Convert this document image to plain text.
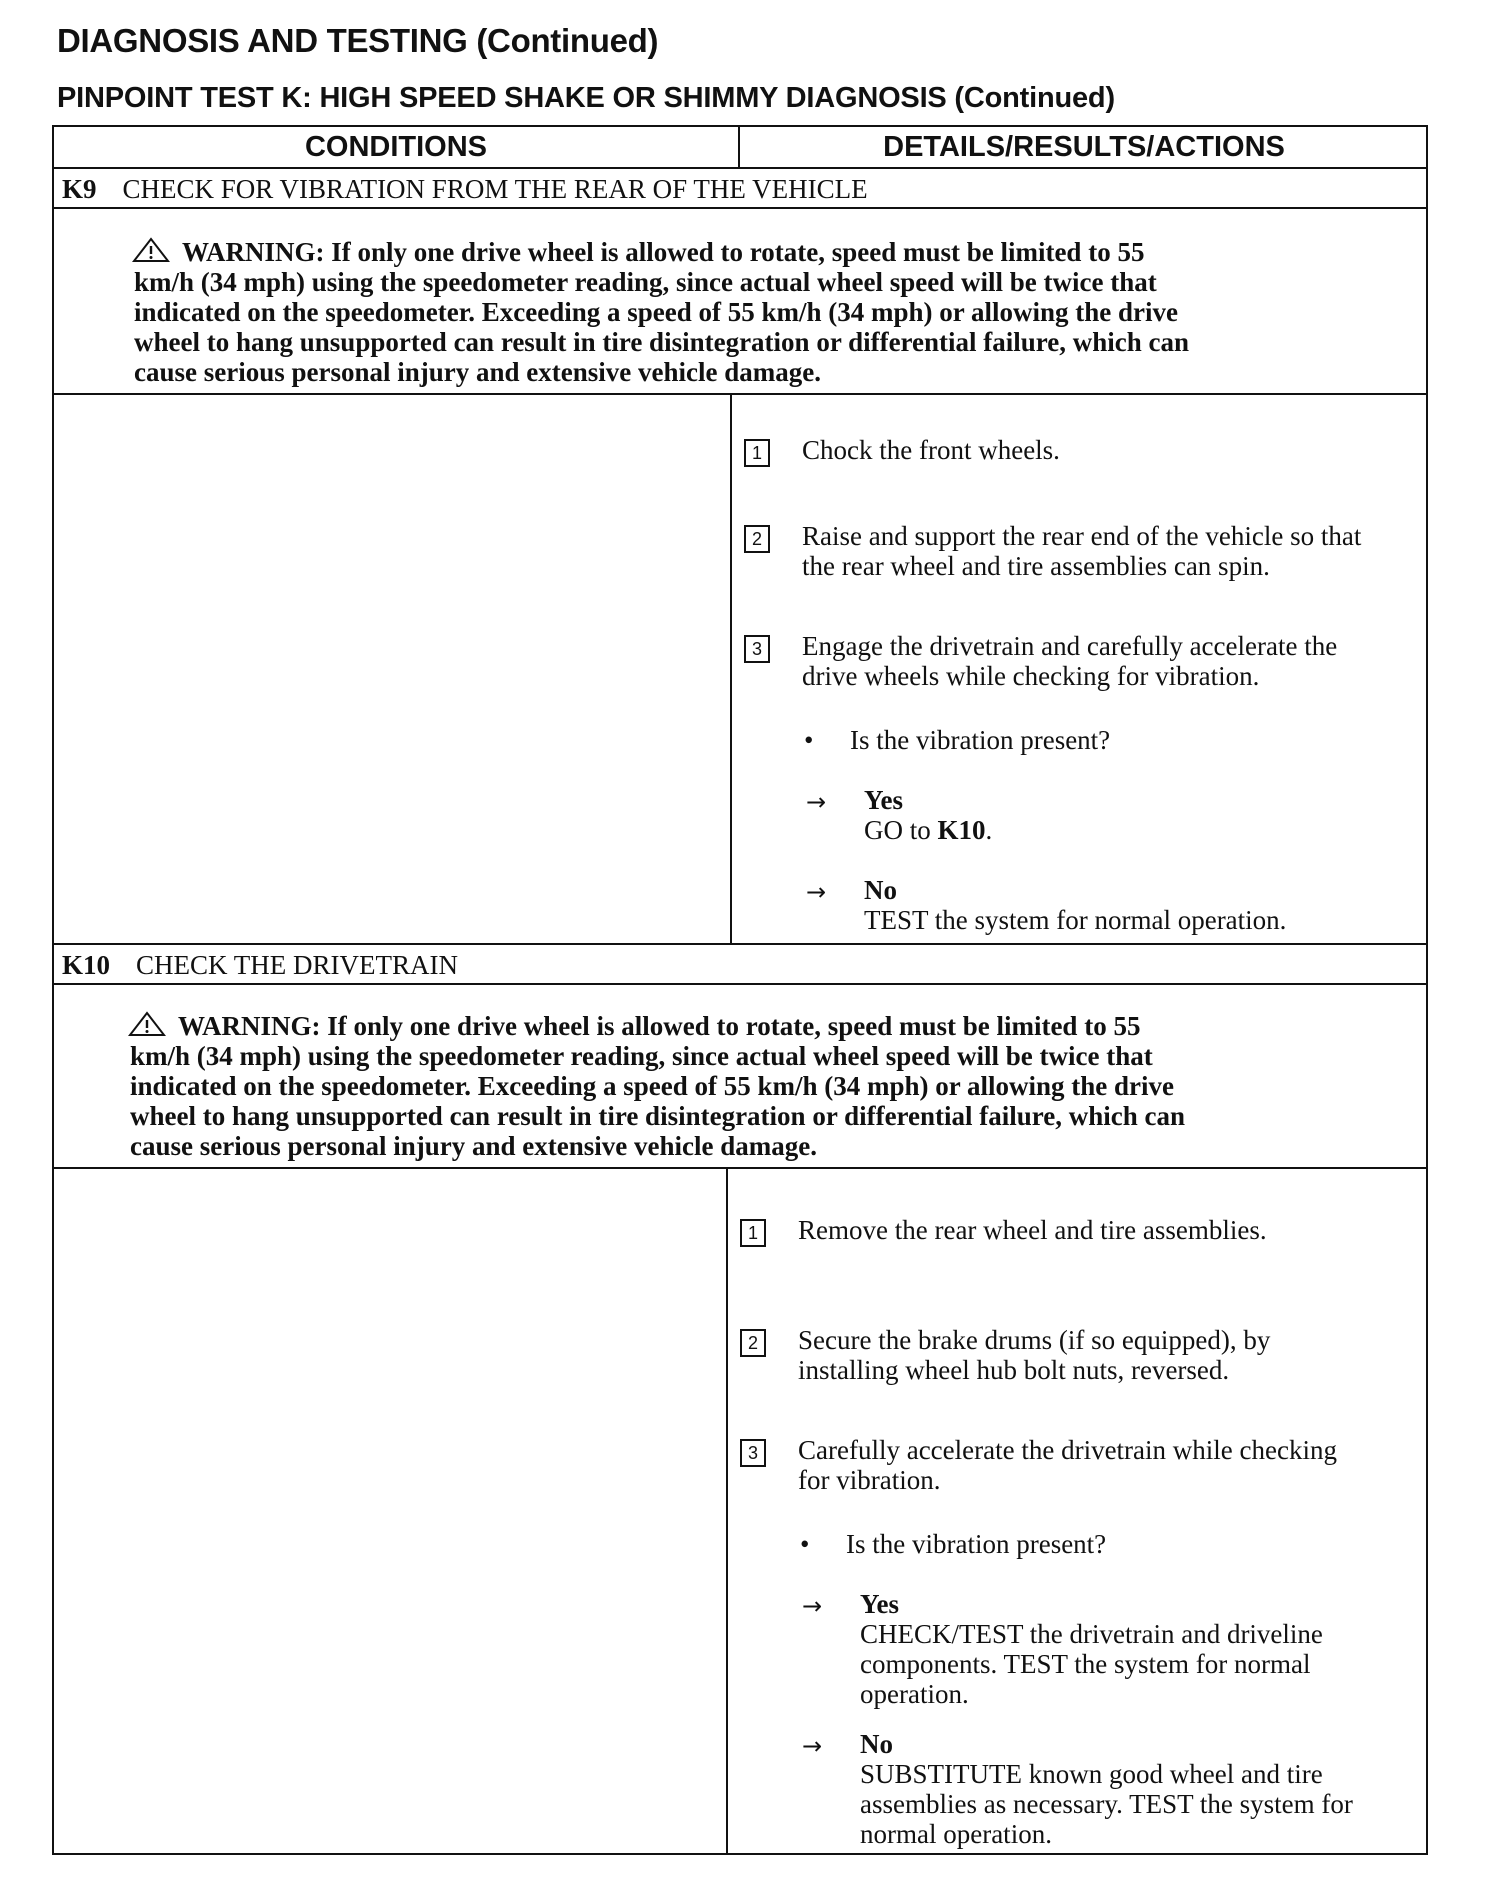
DIAGNOSIS AND TESTING (Continued)
PINPOINT TEST K: HIGH SPEED SHAKE OR SHIMMY DIAGNOSIS (Continued)
CONDITIONS	DETAILS/RESULTS/ACTIONS
K9 CHECK FOR VIBRATION FROM THE REAR OF THE VEHICLE
WARNING: If only one drive wheel is allowed to rotate, speed must be limited to 55
km/h (34 mph) using the speedometer reading, since actual wheel speed will be twice that
indicated on the speedometer. Exceeding a speed of 55 km/h (34 mph) or allowing the drive
wheel to hang unsupported can result in tire disintegration or differential failure, which can
cause serious personal injury and extensive vehicle damage.
1 Chock the front wheels.
2 Raise and support the rear end of the vehicle so that
the rear wheel and tire assemblies can spin.
3 Engage the drivetrain and carefully accelerate the
drive wheels while checking for vibration.
• Is the vibration present?
→ Yes
GO to K10.
→ No
TEST the system for normal operation.
K10 CHECK THE DRIVETRAIN
WARNING: If only one drive wheel is allowed to rotate, speed must be limited to 55
km/h (34 mph) using the speedometer reading, since actual wheel speed will be twice that
indicated on the speedometer. Exceeding a speed of 55 km/h (34 mph) or allowing the drive
wheel to hang unsupported can result in tire disintegration or differential failure, which can
cause serious personal injury and extensive vehicle damage.
1 Remove the rear wheel and tire assemblies.
2 Secure the brake drums (if so equipped), by
installing wheel hub bolt nuts, reversed.
3 Carefully accelerate the drivetrain while checking
for vibration.
• Is the vibration present?
→ Yes
CHECK/TEST the drivetrain and driveline
components. TEST the system for normal
operation.
→ No
SUBSTITUTE known good wheel and tire
assemblies as necessary. TEST the system for
normal operation.
